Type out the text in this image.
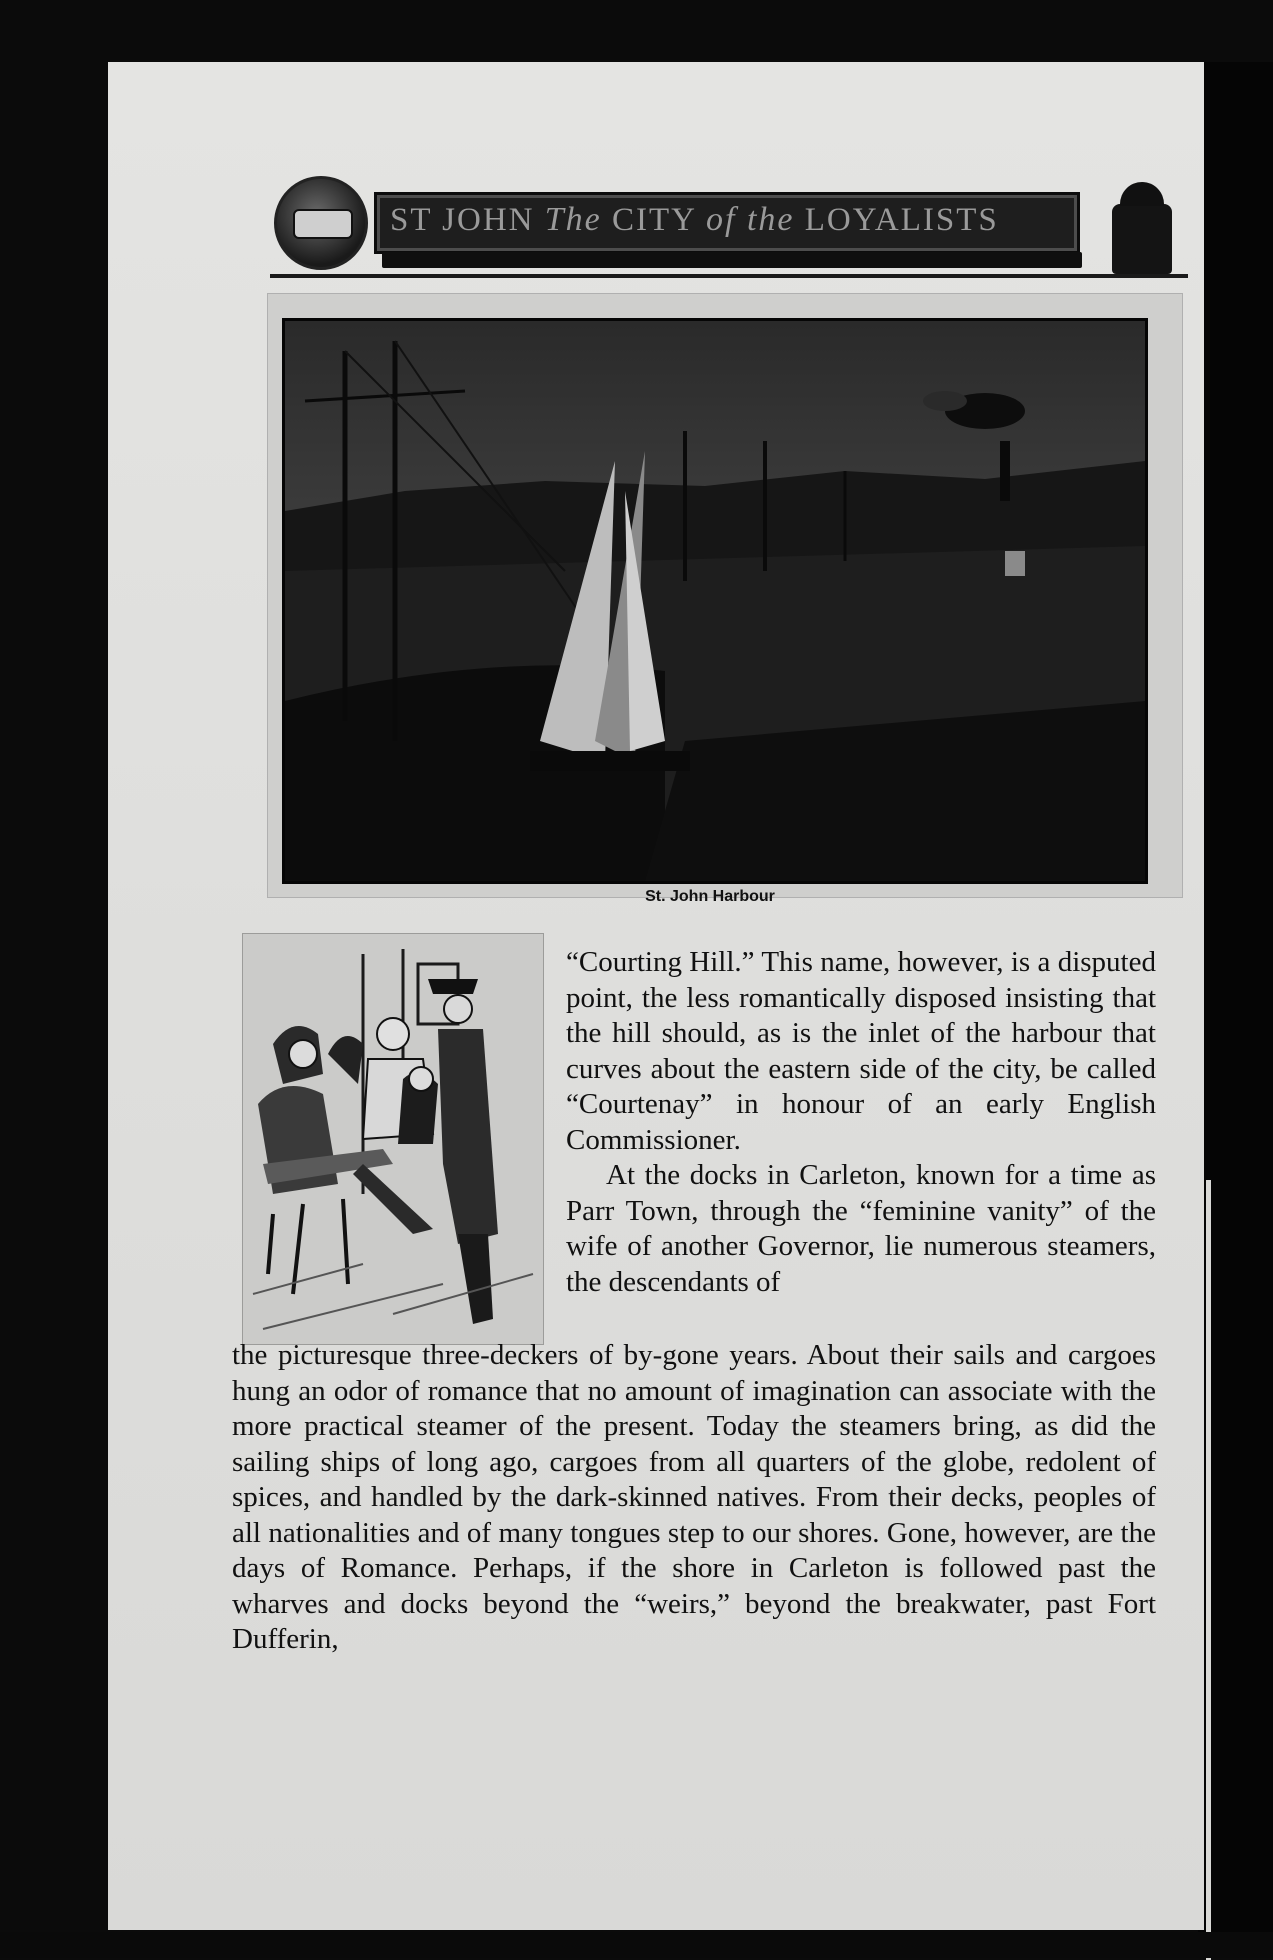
ST JOHN The CITY of the LOYALISTS
St. John Harbour

“Courting Hill.” This name, however, is a disputed point, the less romantically disposed insisting that the hill should, as is the inlet of the harbour that curves about the eastern side of the city, be called “Courtenay” in honour of an early English Commissioner.

At the docks in Carleton, known for a time as Parr Town, through the “feminine vanity” of the wife of another Governor, lie numerous steamers, the descendants of

the picturesque three-deckers of by-gone years. About their sails and cargoes hung an odor of romance that no amount of imagination can associate with the more practical steamer of the present. Today the steamers bring, as did the sailing ships of long ago, cargoes from all quarters of the globe, redolent of spices, and handled by the dark-skinned natives. From their decks, peoples of all nationalities and of many tongues step to our shores. Gone, however, are the days of Romance. Perhaps, if the shore in Carleton is followed past the wharves and docks beyond the “weirs,” beyond the breakwater, past Fort Dufferin,
